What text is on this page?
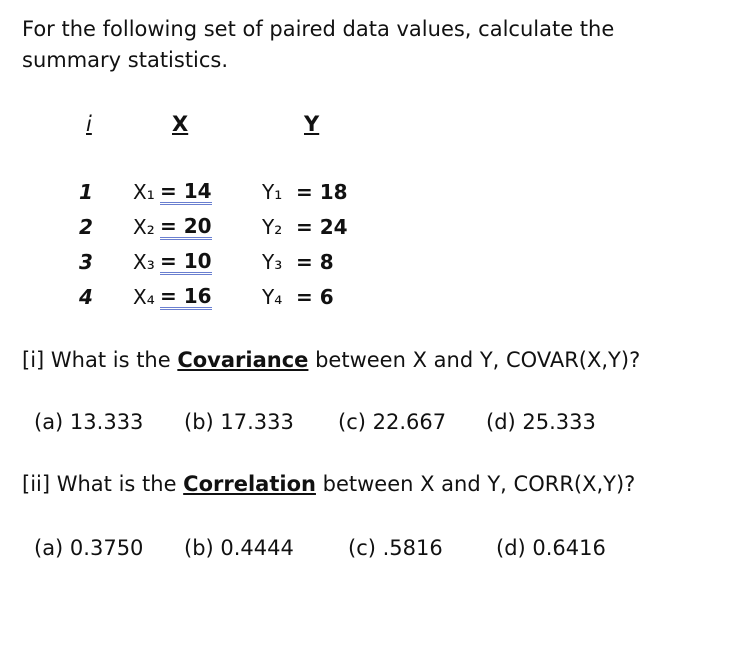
For the following set of paired data values, calculate the summary statistics.
i	X	Y
1 X₁ = 14	Y₁ = 18
2 X₂ = 20	Y₂ = 24
3 X₃ = 10	Y₃ = 8
4 X₄ = 16	Y₄ = 6
[i] What is the Covariance between X and Y, COVAR(X,Y)?
(a) 13.333 (b) 17.333 (c) 22.667 (d) 25.333
[ii] What is the Correlation between X and Y, CORR(X,Y)?
(a) 0.3750 (b) 0.4444	(c) .5816	(d) 0.6416
